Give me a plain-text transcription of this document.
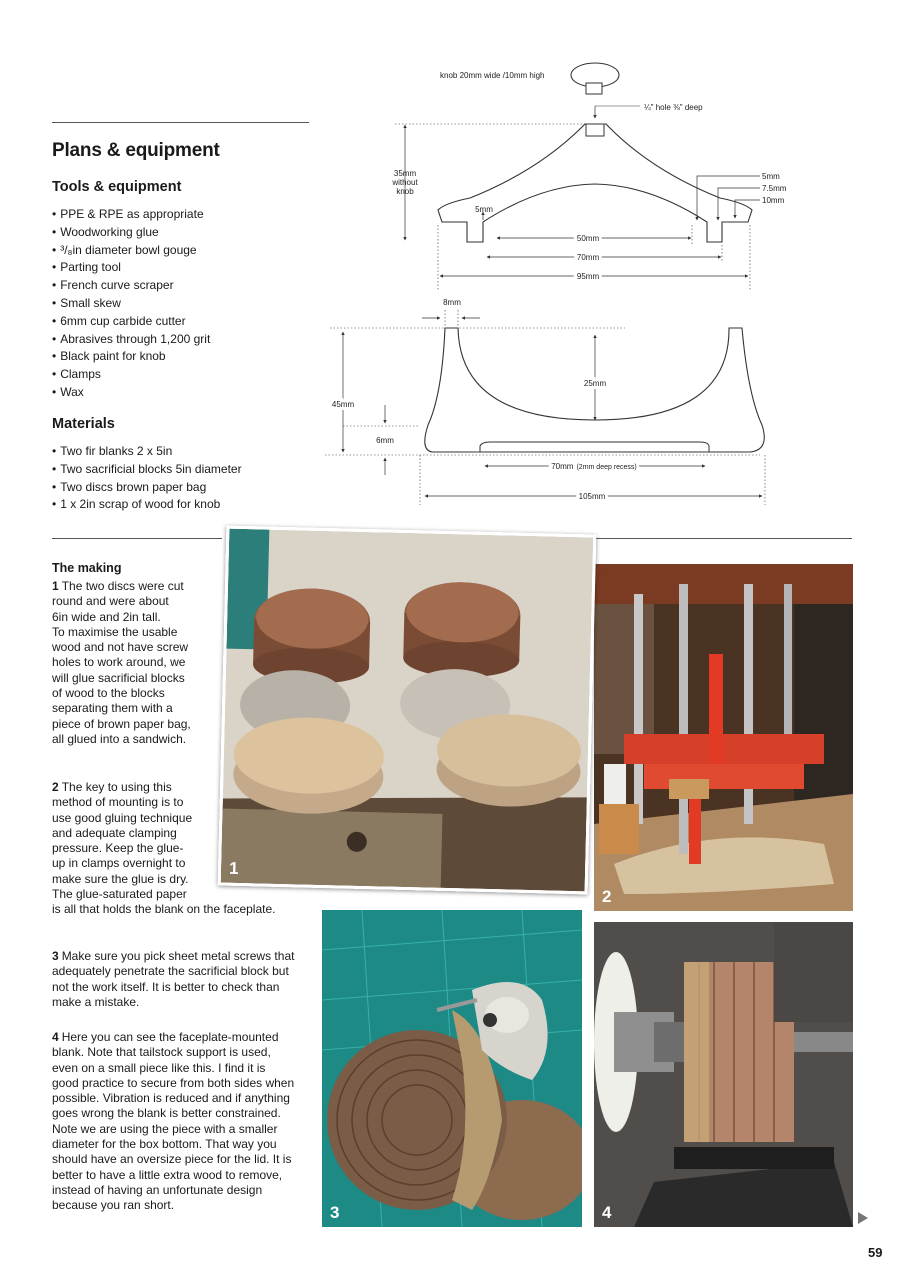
Plans & equipment
Tools & equipment
• PPE & RPE as appropriate
• Woodworking glue
• ³/₈in diameter bowl gouge
• Parting tool
• French curve scraper
• Small skew
• 6mm cup carbide cutter
• Abrasives through 1,200 grit
• Black paint for knob
• Clamps
• Wax
Materials
• Two fir blanks 2 x 5in
• Two sacrificial blocks 5in diameter
• Two discs brown paper bag
• 1 x 2in scrap of wood for knob
knob 20mm wide /10mm high
¼" hole ⅜" deep
35mm
without
knob
5mm
5mm
7.5mm
10mm
50mm
70mm
95mm
8mm
45mm
25mm
6mm
70mm (2mm deep recess)
105mm
The making
1 The two discs were cut
round and were about
6in wide and 2in tall.
To maximise the usable
wood and not have screw
holes to work around, we
will glue sacrificial blocks
of wood to the blocks
separating them with a
piece of brown paper bag,
all glued into a sandwich.
2 The key to using this
method of mounting is to
use good gluing technique
and adequate clamping
pressure. Keep the glue-
up in clamps overnight to
make sure the glue is dry.
The glue-saturated paper
is all that holds the blank on the faceplate.
3 Make sure you pick sheet metal screws that
adequately penetrate the sacrificial block but
not the work itself. It is better to check than
make a mistake.
4 Here you can see the faceplate-mounted
blank. Note that tailstock support is used,
even on a small piece like this. I find it is
good practice to secure from both sides when
possible. Vibration is reduced and if anything
goes wrong the blank is better constrained.
Note we are using the piece with a smaller
diameter for the box bottom. That way you
should have an oversize piece for the lid. It is
better to have a little extra wood to remove,
instead of having an unfortunate design
because you ran short.
2
3	4
1
59
